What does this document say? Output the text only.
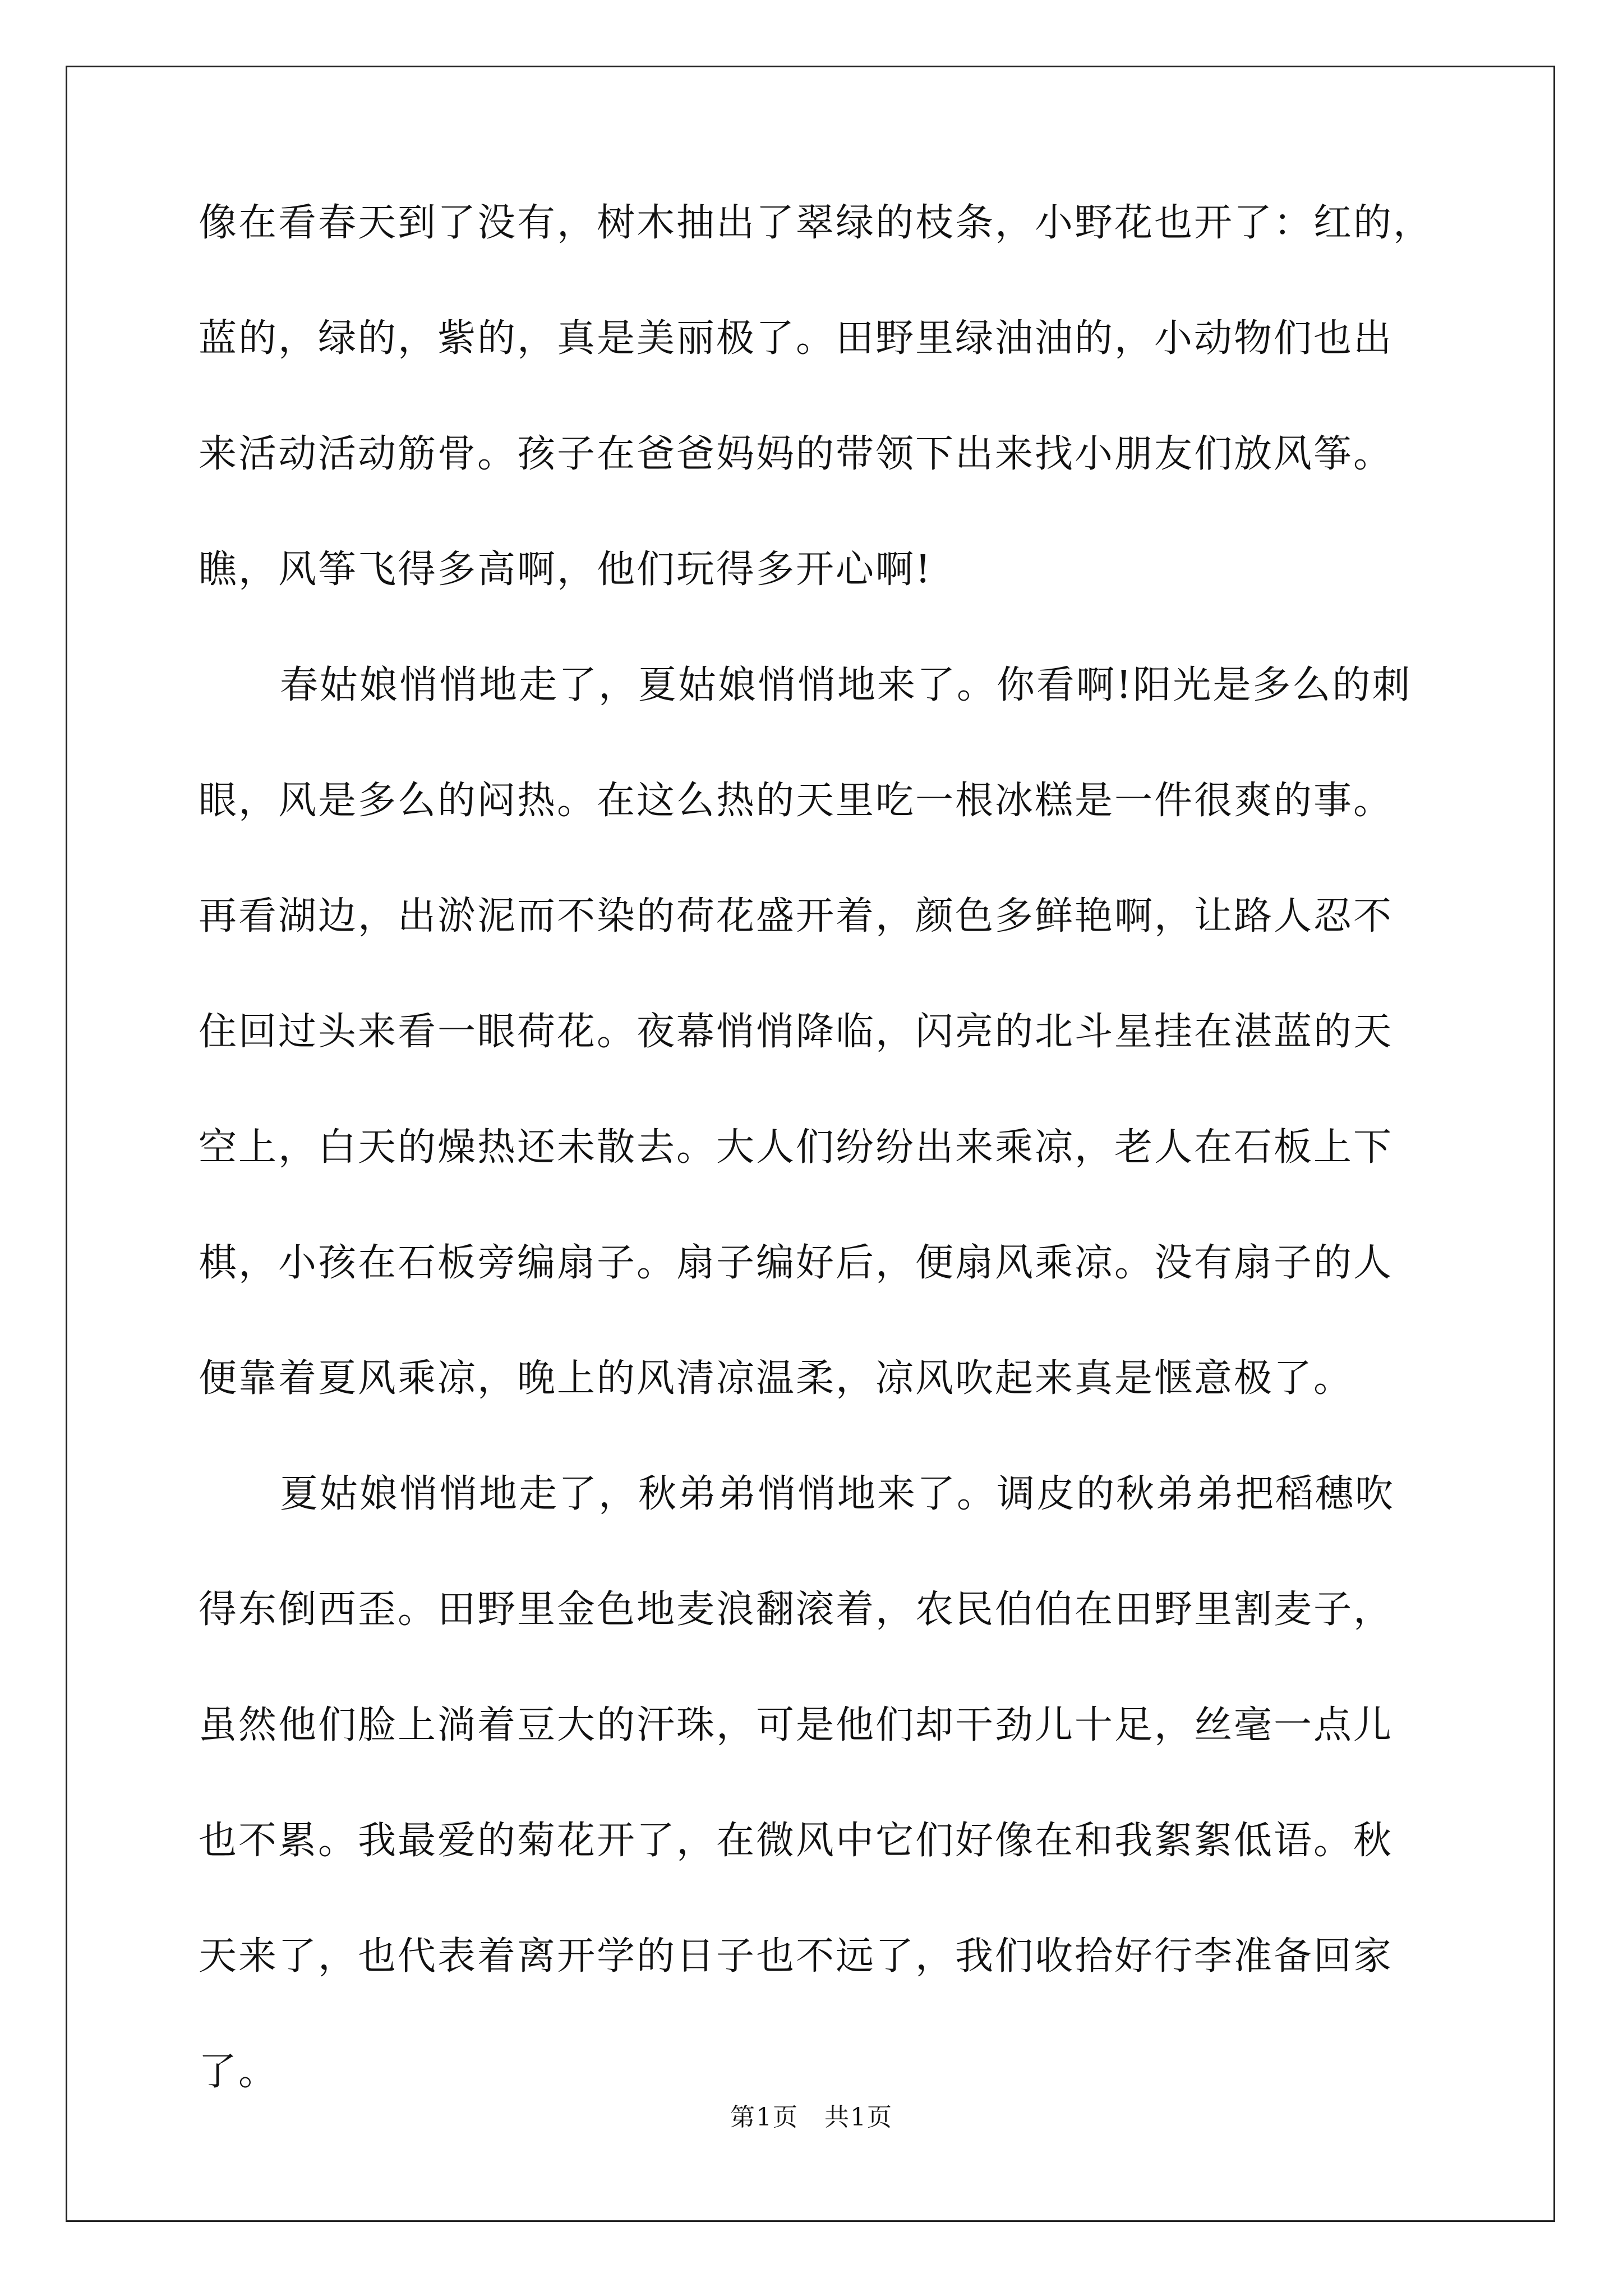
像在看春天到了没有，树木抽出了翠绿的枝条，小野花也开了：红的，
蓝的，绿的，紫的，真是美丽极了。田野里绿油油的，小动物们也出
来活动活动筋骨。孩子在爸爸妈妈的带领下出来找小朋友们放风筝。
瞧，风筝飞得多高啊，他们玩得多开心啊!
春姑娘悄悄地走了，夏姑娘悄悄地来了。你看啊!阳光是多么的刺
眼，风是多么的闷热。在这么热的天里吃一根冰糕是一件很爽的事。
再看湖边，出淤泥而不染的荷花盛开着，颜色多鲜艳啊，让路人忍不
住回过头来看一眼荷花。夜幕悄悄降临，闪亮的北斗星挂在湛蓝的天
空上，白天的燥热还未散去。大人们纷纷出来乘凉，老人在石板上下
棋，小孩在石板旁编扇子。扇子编好后，便扇风乘凉。没有扇子的人
便靠着夏风乘凉，晚上的风清凉温柔，凉风吹起来真是惬意极了。
夏姑娘悄悄地走了，秋弟弟悄悄地来了。调皮的秋弟弟把稻穗吹
得东倒西歪。田野里金色地麦浪翻滚着，农民伯伯在田野里割麦子，
虽然他们脸上淌着豆大的汗珠，可是他们却干劲儿十足，丝毫一点儿
也不累。我最爱的菊花开了，在微风中它们好像在和我絮絮低语。秋
天来了，也代表着离开学的日子也不远了，我们收拾好行李准备回家
了。
第1页　共1页
